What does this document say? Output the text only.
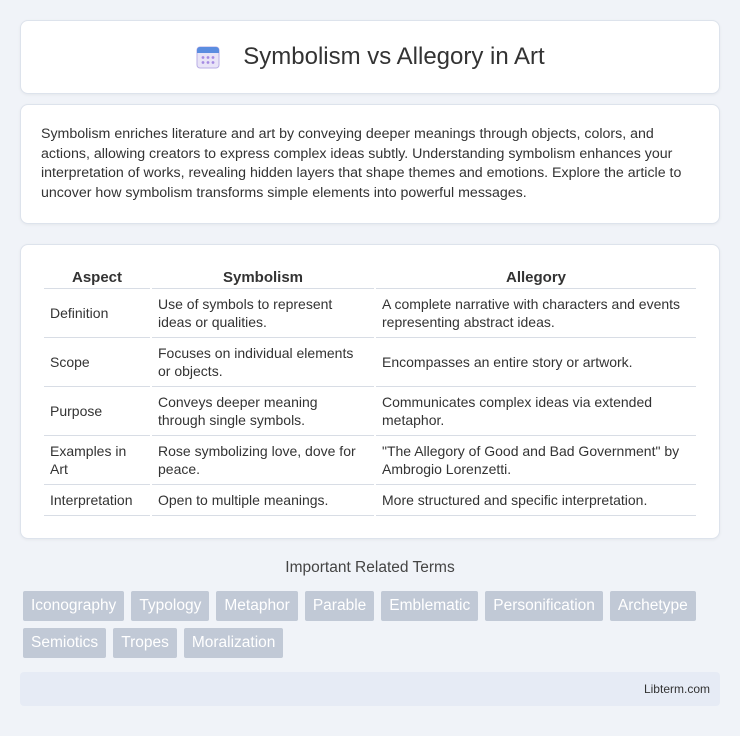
Symbolism vs Allegory in Art

Symbolism enriches literature and art by conveying deeper meanings through objects, colors, and actions, allowing creators to express complex ideas subtly. Understanding symbolism enhances your interpretation of works, revealing hidden layers that shape themes and emotions. Explore the article to uncover how symbolism transforms simple elements into powerful messages.

Aspect	Symbolism	Allegory
Definition	Use of symbols to represent ideas or qualities.	A complete narrative with characters and events representing abstract ideas.
Scope	Focuses on individual elements or objects.	Encompasses an entire story or artwork.
Purpose	Conveys deeper meaning through single symbols.	Communicates complex ideas via extended metaphor.
Examples in Art	Rose symbolizing love, dove for peace.	"The Allegory of Good and Bad Government" by Ambrogio Lorenzetti.
Interpretation	Open to multiple meanings.	More structured and specific interpretation.
Important Related Terms
Iconography	Typology	Metaphor	Parable	Emblematic	Personification	Archetype
Semiotics	Tropes	Moralization
Libterm.com
